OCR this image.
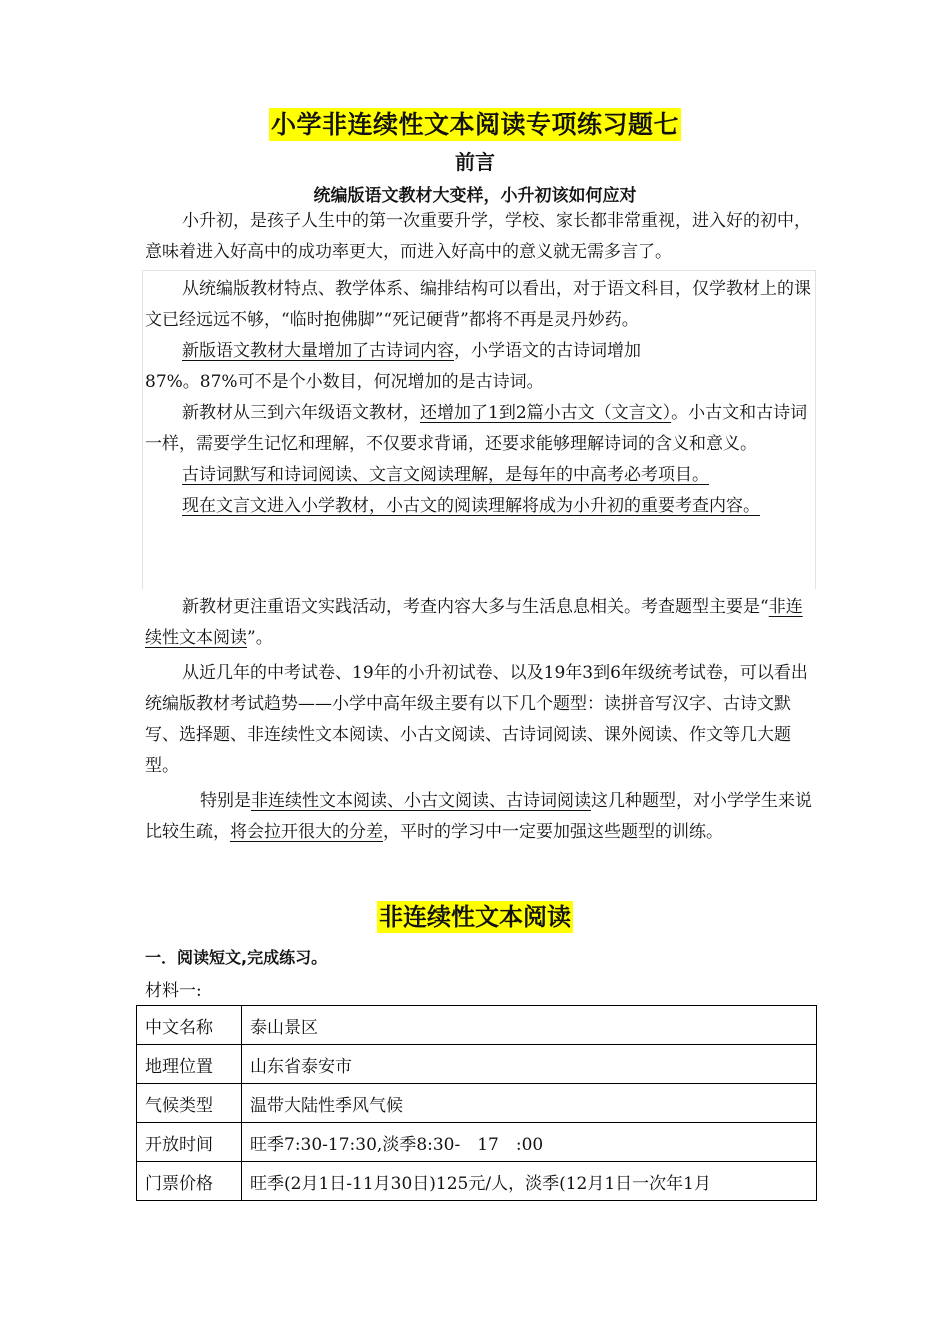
小学非连续性文本阅读专项练习题七
前言
统编版语文教材大变样，小升初该如何应对

小升初，是孩子人生中的第一次重要升学，学校、家长都非常重视，进入好的初中，意味着进入好高中的成功率更大，而进入好高中的意义就无需多言了。

从统编版教材特点、教学体系、编排结构可以看出，对于语文科目，仅学教材上的课文已经远远不够，“临时抱佛脚”“死记硬背”都将不再是灵丹妙药。

新版语文教材大量增加了古诗词内容，小学语文的古诗词增加

87%。87%可不是个小数目，何况增加的是古诗词。

新教材从三到六年级语文教材，还增加了1到2篇小古文（文言文）。小古文和古诗词一样，需要学生记忆和理解，不仅要求背诵，还要求能够理解诗词的含义和意义。

古诗词默写和诗词阅读、文言文阅读理解，是每年的中高考必考项目。

现在文言文进入小学教材，小古文的阅读理解将成为小升初的重要考查内容。

新教材更注重语文实践活动，考查内容大多与生活息息相关。考查题型主要是“非连续性文本阅读”。

从近几年的中考试卷、19年的小升初试卷、以及19年3到6年级统考试卷，可以看出统编版教材考试趋势——小学中高年级主要有以下几个题型：读拼音写汉字、古诗文默写、选择题、非连续性文本阅读、小古文阅读、古诗词阅读、课外阅读、作文等几大题型。

特别是非连续性文本阅读、小古文阅读、古诗词阅读这几种题型，对小学学生来说比较生疏，将会拉开很大的分差，平时的学习中一定要加强这些题型的训练。

非连续性文本阅读
一．阅读短文,完成练习。
材料一:
中文名称	泰山景区
地理位置	山东省泰安市
气候类型	温带大陆性季风气候
开放时间	旺季7:30-17:30,淡季8:30-　17　:00
门票价格	旺季(2月1日-11月30日)125元/人，淡季(12月1日一次年1月
